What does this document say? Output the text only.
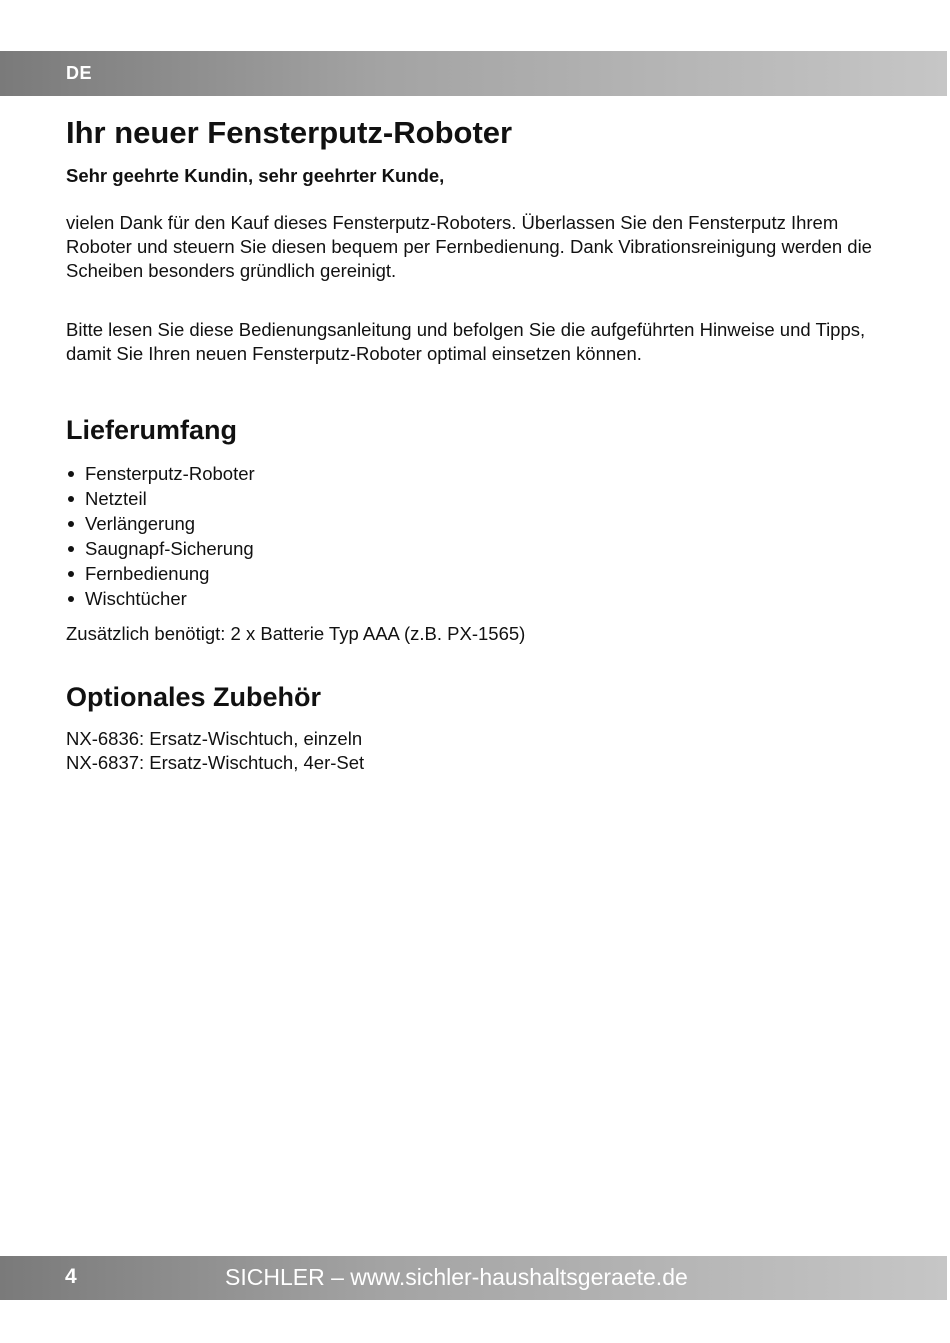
DE
Ihr neuer Fensterputz-Roboter

Sehr geehrte Kundin, sehr geehrter Kunde,

vielen Dank für den Kauf dieses Fensterputz-Roboters. Überlassen Sie den Fensterputz Ihrem Roboter und steuern Sie diesen bequem per Fernbedienung. Dank Vibrationsreinigung werden die Scheiben besonders gründlich gereinigt.

Bitte lesen Sie diese Bedienungsanleitung und befolgen Sie die aufgeführten Hinweise und Tipps, damit Sie Ihren neuen Fensterputz-Roboter optimal einsetzen können.

Lieferumfang
Fensterputz-Roboter
Netzteil
Verlängerung
Saugnapf-Sicherung
Fernbedienung
Wischtücher

Zusätzlich benötigt: 2 x Batterie Typ AAA (z.B. PX-1565)

Optionales Zubehör
NX-6836: Ersatz-Wischtuch, einzeln
NX-6837: Ersatz-Wischtuch, 4er-Set
4	SICHLER – www.sichler-haushaltsgeraete.de
